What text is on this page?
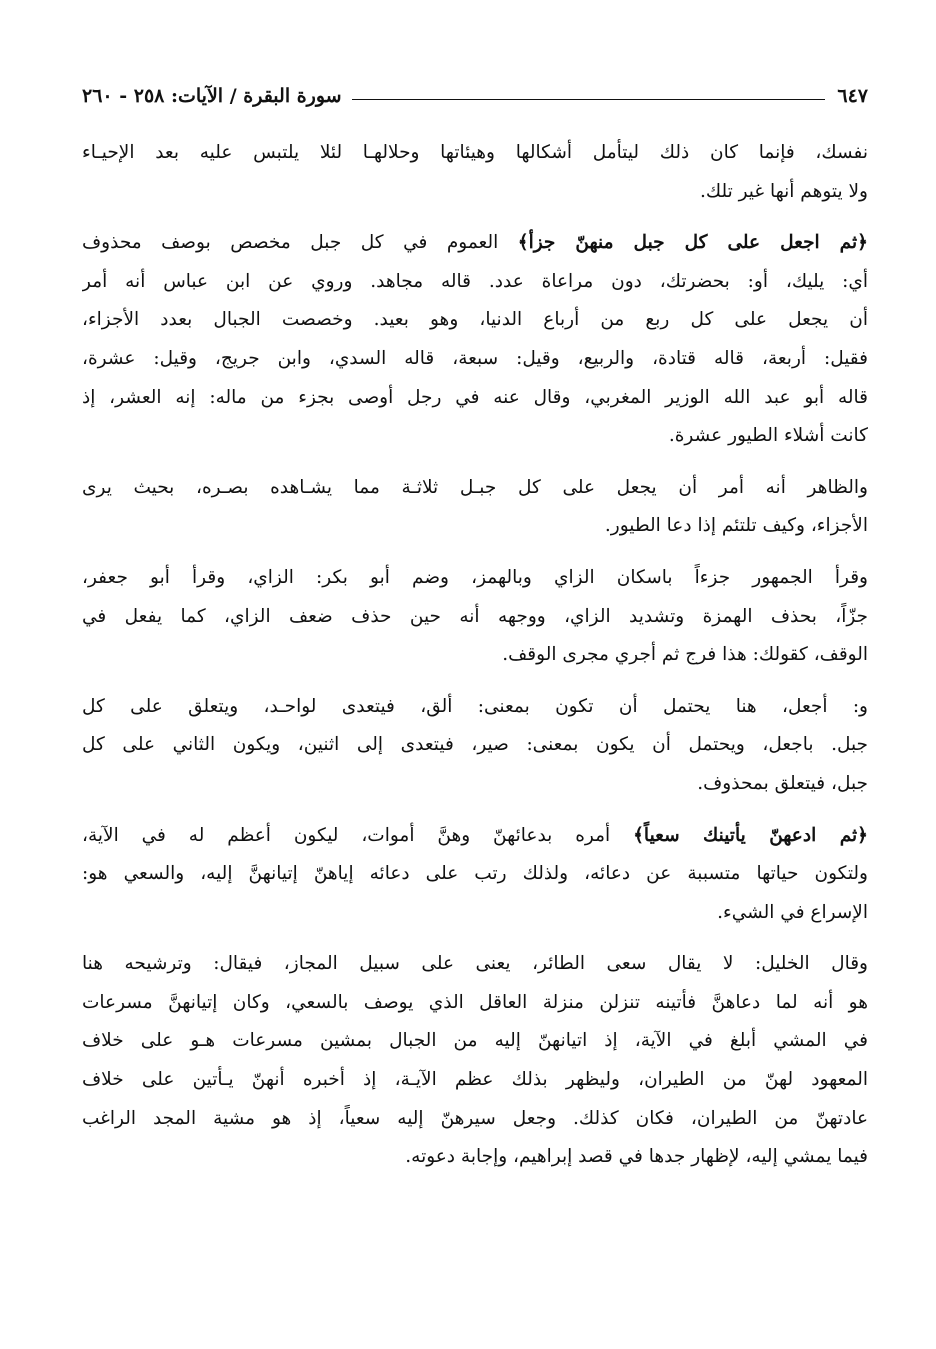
٦٤٧
سورة البقرة / الآيات: ٢٥٨ - ٢٦٠

نفسك، فإنما كان ذلك ليتأمل أشكالها وهيئاتها وحلالهـا لئلا يلتبس عليه بعد الإحيـاء
ولا يتوهم أنها غير تلك.

﴿ثم اجعل على كل جبل منهنّ جزأ﴾ العموم في كل جبل مخصص بوصف محذوف
أي: يليك، أو: بحضرتك، دون مراعاة عدد. قاله مجاهد. وروي عن ابن عباس أنه أمر
أن يجعل على كل ربع من أرباع الدنيا، وهو بعيد. وخصصت الجبال بعدد الأجزاء،
فقيل: أربعة، قاله قتادة، والربيع، وقيل: سبعة، قاله السدي، وابن جريج، وقيل: عشرة،
قاله أبو عبد الله الوزير المغربي، وقال عنه في رجل أوصى بجزء من ماله: إنه العشر، إذ
كانت أشلاء الطيور عشرة.

والظاهر أنه أمر أن يجعل على كل جبـل ثلاثـة مما يشـاهده بصـره، بحيث يرى
الأجزاء، وكيف تلتئم إذا دعا الطيور.

وقرأ الجمهور جزءاً باسكان الزاي وبالهمز، وضم أبو بكر: الزاي، وقرأ أبو جعفر،
جزّاً، بحذف الهمزة وتشديد الزاي، ووجهه أنه حين حذف ضعف الزاي، كما يفعل في
الوقف، كقولك: هذا فرج ثم أجري مجرى الوقف.

و: أجعل، هنا يحتمل أن تكون بمعنى: ألق، فيتعدى لواحـد، ويتعلق على كل
جبل. باجعل، ويحتمل أن يكون بمعنى: صير، فيتعدى إلى اثنين، ويكون الثاني على كل
جبل، فيتعلق بمحذوف.

﴿ثم ادعهنّ يأتينك سعياً﴾ أمره بدعائهنّ وهنَّ أموات، ليكون أعظم له في الآية،
ولتكون حياتها متسببة عن دعائه، ولذلك رتب على دعائه إياهنّ إتيانهنَّ إليه، والسعي هو:
الإسراع في الشيء.

وقال الخليل: لا يقال سعى الطائر، يعنى على سبيل المجاز، فيقال: وترشيحه هنا
هو أنه لما دعاهنَّ فأتينه تنزلن منزلة العاقل الذي يوصف بالسعي، وكان إتيانهنَّ مسرعات
في المشي أبلغ في الآية، إذ اتيانهنّ إليه من الجبال بمشين مسرعات هـو على خلاف
المعهود لهنّ من الطيران، وليظهر بذلك عظم الآيـة، إذ أخبره أنهنّ يـأتين على خلاف
عادتهنّ من الطيران، فكان كذلك. وجعل سيرهنّ إليه سعياً، إذ هو مشية المجد الراغب
فيما يمشي إليه، لإظهار جدها في قصد إبراهيم، وإجابة دعوته.
